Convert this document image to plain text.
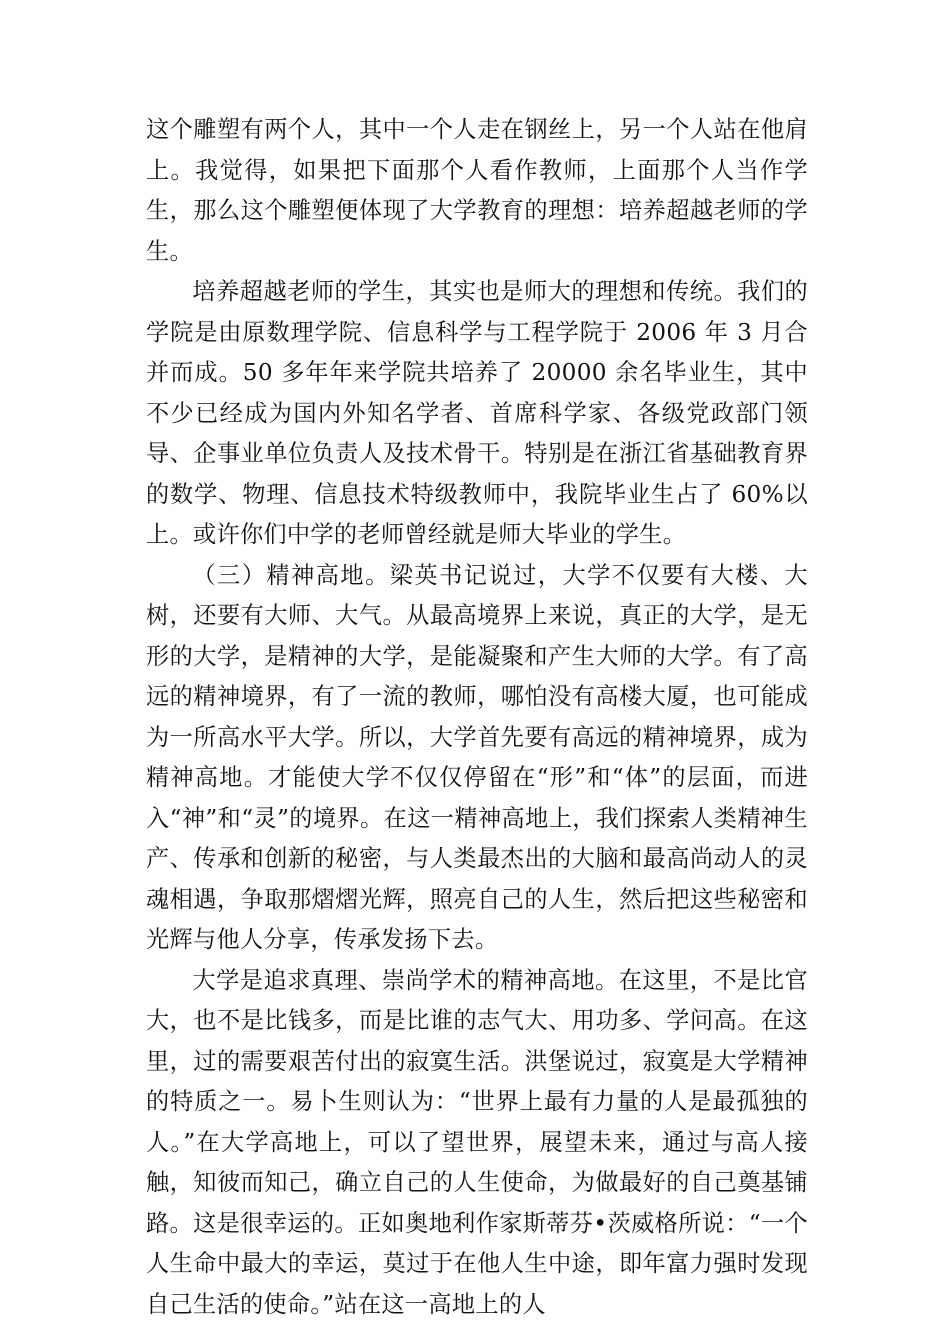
这个雕塑有两个人，其中一个人走在钢丝上，另一个人站在他肩上。我觉得，如果把下面那个人看作教师，上面那个人当作学生，那么这个雕塑便体现了大学教育的理想：培养超越老师的学生。

培养超越老师的学生，其实也是师大的理想和传统。我们的学院是由原数理学院、信息科学与工程学院于 2006 年 3 月合并而成。50 多年年来学院共培养了 20000 余名毕业生，其中不少已经成为国内外知名学者、首席科学家、各级党政部门领导、企事业单位负责人及技术骨干。特别是在浙江省基础教育界的数学、物理、信息技术特级教师中，我院毕业生占了 60%以上。或许你们中学的老师曾经就是师大毕业的学生。

（三）精神高地。梁英书记说过，大学不仅要有大楼、大树，还要有大师、大气。从最高境界上来说，真正的大学，是无形的大学，是精神的大学，是能凝聚和产生大师的大学。有了高远的精神境界，有了一流的教师，哪怕没有高楼大厦，也可能成为一所高水平大学。所以，大学首先要有高远的精神境界，成为精神高地。才能使大学不仅仅停留在“形”和“体”的层面，而进入“神”和“灵”的境界。在这一精神高地上，我们探索人类精神生产、传承和创新的秘密，与人类最杰出的大脑和最高尚动人的灵魂相遇，争取那熠熠光辉，照亮自己的人生，然后把这些秘密和光辉与他人分享，传承发扬下去。

大学是追求真理、崇尚学术的精神高地。在这里，不是比官大，也不是比钱多，而是比谁的志气大、用功多、学问高。在这里，过的需要艰苦付出的寂寞生活。洪堡说过，寂寞是大学精神的特质之一。易卜生则认为：“世界上最有力量的人是最孤独的人。”在大学高地上，可以了望世界，展望未来，通过与高人接触，知彼而知己，确立自己的人生使命，为做最好的自己奠基铺路。这是很幸运的。正如奥地利作家斯蒂芬•茨威格所说：“一个人生命中最大的幸运，莫过于在他人生中途，即年富力强时发现自己生活的使命。”站在这一高地上的人
